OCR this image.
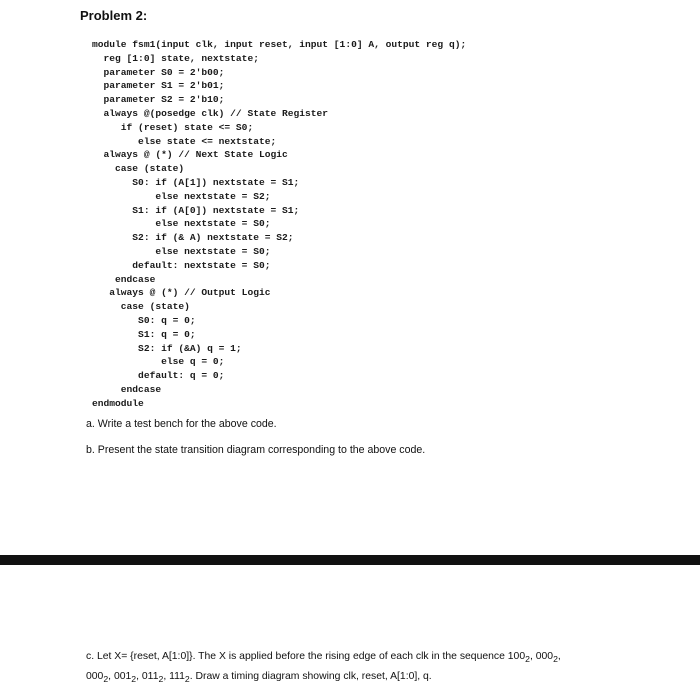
Problem 2:
module fsm1(input clk, input reset, input [1:0] A, output reg q);
reg [1:0] state, nextstate;
parameter S0 = 2'b00;
parameter S1 = 2'b01;
parameter S2 = 2'b10;
always @(posedge clk) // State Register
if (reset) state <= S0;
else state <= nextstate;
always @ (*) // Next State Logic
case (state)
S0: if (A[1]) nextstate = S1;
else nextstate = S2;
S1: if (A[0]) nextstate = S1;
else nextstate = S0;
S2: if (& A) nextstate = S2;
else nextstate = S0;
default: nextstate = S0;
endcase
always @ (*) // Output Logic
case (state)
S0: q = 0;
S1: q = 0;
S2: if (&A) q = 1;
else q = 0;
default: q = 0;
endcase
endmodule
a. Write a test bench for the above code.
b. Present the state transition diagram corresponding to the above code.
c. Let X= {reset, A[1:0]}. The X is applied before the rising edge of each clk in the sequence $100_2$, $000_2$,
$000_2$, $001_2$, $011_2$, $111_2$. Draw a timing diagram showing clk, reset, A[1:0], q.
